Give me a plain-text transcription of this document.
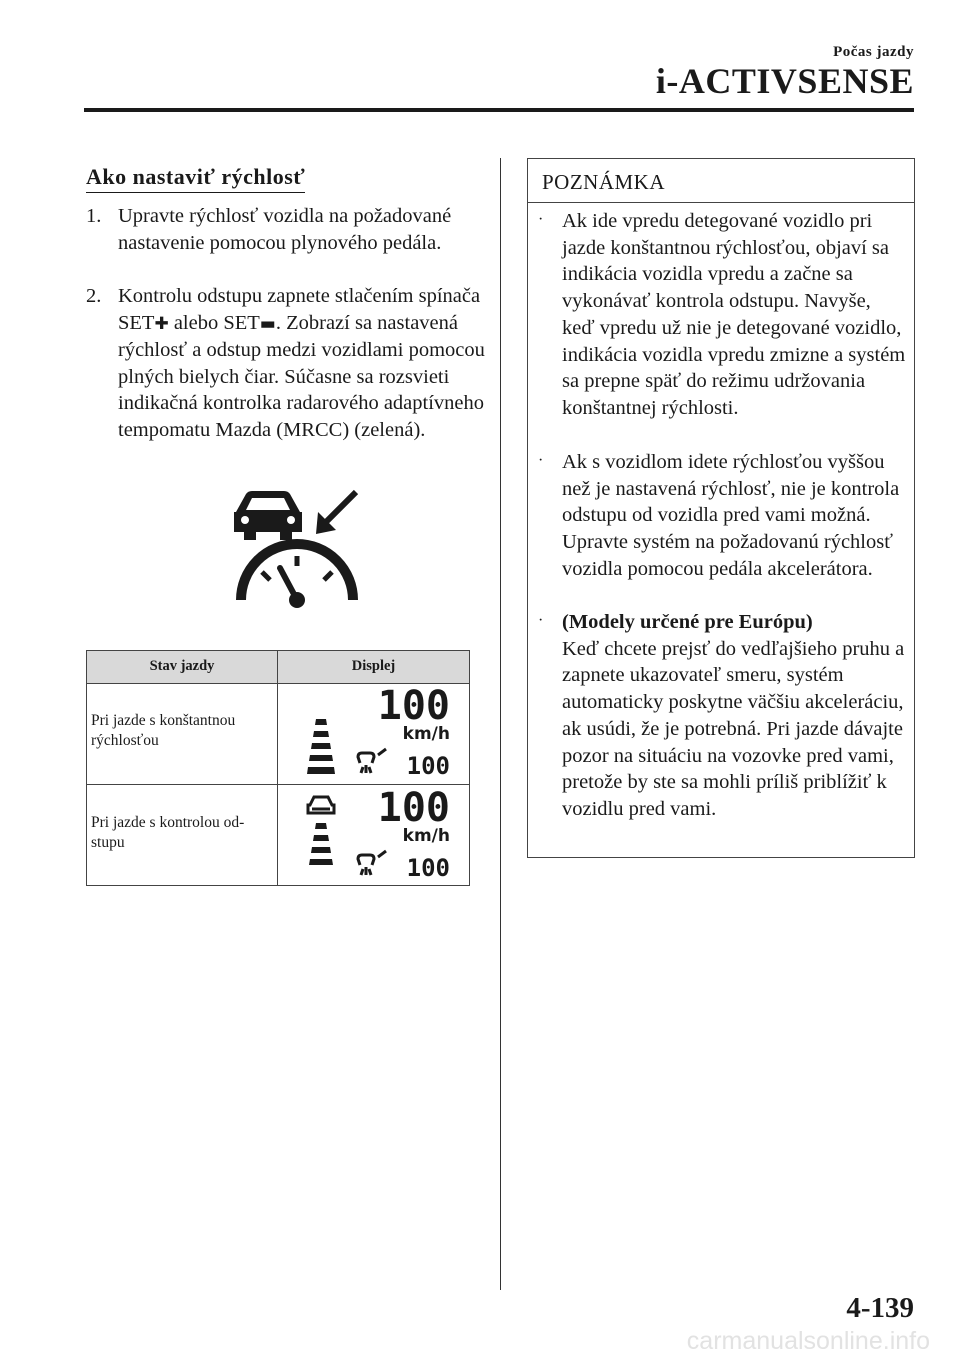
Počas jazdy
i-ACTIVSENSE
Ako nastaviť rýchlosť
1. Upravte rýchlosť vozidla na požadované nastavenie pomocou plynového pedála.
2. Kontrolu odstupu zapnete stlačením spínača SET✚ alebo SET▬. Zobrazí sa nastavená rýchlosť a odstup medzi vozidlami pomocou plných bielych čiar. Súčasne sa rozsvieti indikačná kontrolka radarového adaptívneho tempomatu Mazda (MRCC) (zelená).
Stav jazdy	Displej
Pri jazde s konštantnou rýchlosťou
100
km/h
100
Pri jazde s kontrolou od-stupu
100
km/h
100
POZNÁMKA
· Ak ide vpredu detegované vozidlo pri jazde konštantnou rýchlosťou, objaví sa indikácia vozidla vpredu a začne sa vykonávať kontrola odstupu. Navyše, keď vpredu už nie je detegované vozidlo, indikácia vozidla vpredu zmizne a systém sa prepne späť do režimu udržovania konštantnej rýchlosti.
· Ak s vozidlom idete rýchlosťou vyššou než je nastavená rýchlosť, nie je kontrola odstupu od vozidla pred vami možná. Upravte systém na požadovanú rýchlosť vozidla pomocou pedála akcelerátora.
· (Modely určené pre Európu)
Keď chcete prejsť do vedľajšieho pruhu a zapnete ukazovateľ smeru, systém automaticky poskytne väčšiu akceleráciu, ak usúdi, že je potrebná. Pri jazde dávajte pozor na situáciu na vozovke pred vami, pretože by ste sa mohli príliš priblížiť k vozidlu pred vami.
4-139
carmanualsonline.info
